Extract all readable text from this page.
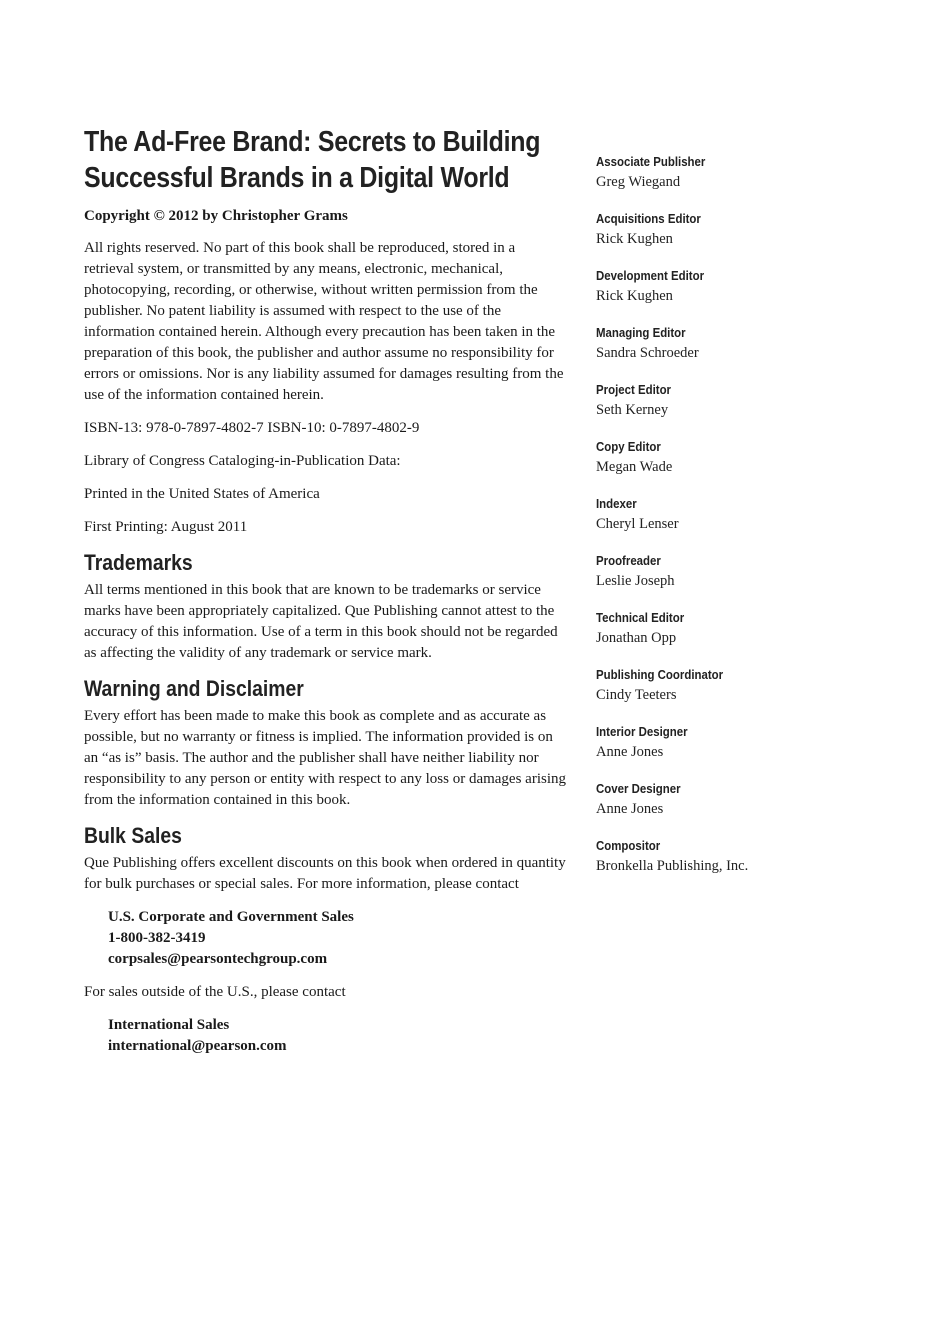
The Ad-Free Brand: Secrets to Building Successful Brands in a Digital World
Copyright © 2012 by Christopher Grams

All rights reserved. No part of this book shall be reproduced, stored in a retrieval system, or transmitted by any means, electronic, mechanical, photocopying, recording, or otherwise, without written permission from the publisher. No patent liability is assumed with respect to the use of the information contained herein. Although every precaution has been taken in the preparation of this book, the publisher and author assume no responsibility for errors or omissions. Nor is any liability assumed for damages resulting from the use of the information contained herein.

ISBN-13: 978-0-7897-4802-7 ISBN-10: 0-7897-4802-9

Library of Congress Cataloging-in-Publication Data:

Printed in the United States of America

First Printing: August 2011

Trademarks

All terms mentioned in this book that are known to be trademarks or service marks have been appropriately capitalized. Que Publishing cannot attest to the accuracy of this information. Use of a term in this book should not be regarded as affecting the validity of any trademark or service mark.

Warning and Disclaimer

Every effort has been made to make this book as complete and as accurate as possible, but no warranty or fitness is implied. The information provided is on an “as is” basis. The author and the publisher shall have neither liability nor responsibility to any person or entity with respect to any loss or damages arising from the information contained in this book.

Bulk Sales

Que Publishing offers excellent discounts on this book when ordered in quantity for bulk purchases or special sales. For more information, please contact

U.S. Corporate and Government Sales
1-800-382-3419
corpsales@pearsontechgroup.com

For sales outside of the U.S., please contact

International Sales
international@pearson.com
Associate Publisher
Greg Wiegand
Acquisitions Editor
Rick Kughen
Development Editor
Rick Kughen
Managing Editor
Sandra Schroeder
Project Editor
Seth Kerney
Copy Editor
Megan Wade
Indexer
Cheryl Lenser
Proofreader
Leslie Joseph
Technical Editor
Jonathan Opp
Publishing Coordinator
Cindy Teeters
Interior Designer
Anne Jones
Cover Designer
Anne Jones
Compositor
Bronkella Publishing, Inc.
